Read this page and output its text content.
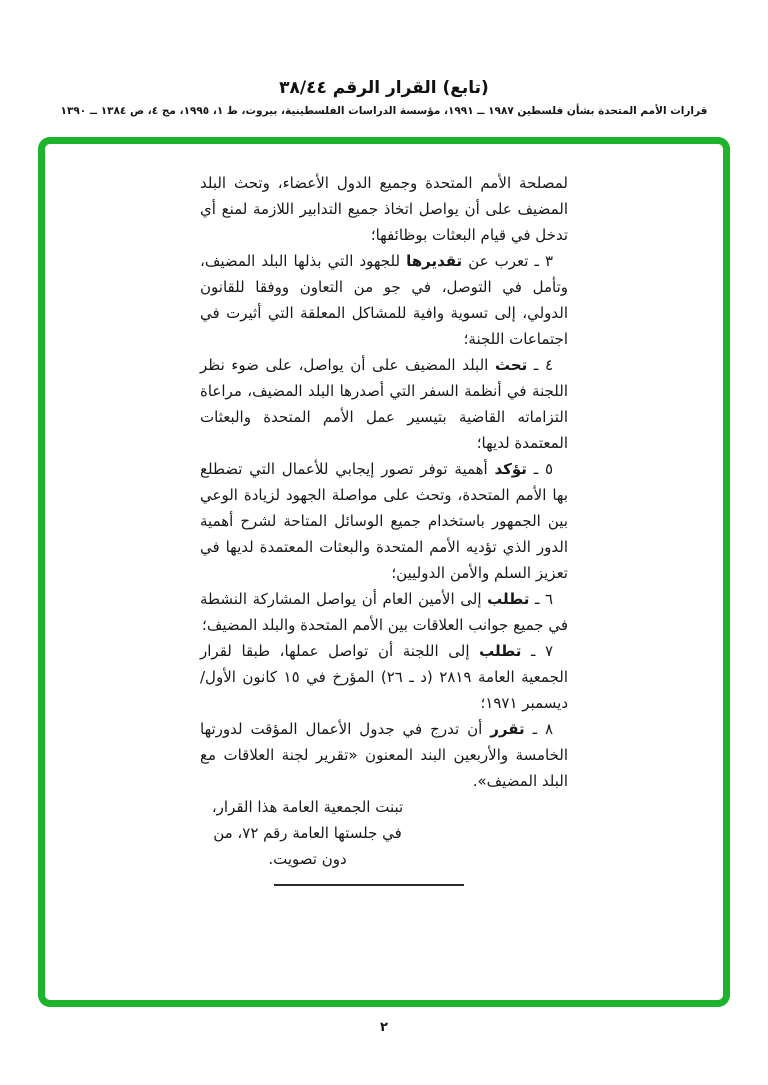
(تابع) القرار الرقم ٣٨/٤٤
قرارات الأمم المتحدة بشأن فلسطين ١٩٨٧ ــ ١٩٩١، مؤسسة الدراسات الفلسطينية، بيروت، ط ١، ١٩٩٥، مج ٤، ص ١٣٨٤ ــ ١٣٩٠

لمصلحة الأمم المتحدة وجميع الدول الأعضاء، وتحث البلد المضيف على أن يواصل اتخاذ جميع التدابير اللازمة لمنع أي تدخل في قيام البعثات بوظائفها؛

٣ ـ تعرب عن تقديرها للجهود التي بذلها البلد المضيف، وتأمل في التوصل، في جو من التعاون ووفقا للقانون الدولي، إلى تسوية وافية للمشاكل المعلقة التي أثيرت في اجتماعات اللجنة؛

٤ ـ تحث البلد المضيف على أن يواصل، على ضوء نظر اللجنة في أنظمة السفر التي أصدرها البلد المضيف، مراعاة التزاماته القاضية بتيسير عمل الأمم المتحدة والبعثات المعتمدة لديها؛

٥ ـ تؤكد أهمية توفر تصور إيجابي للأعمال التي تضطلع بها الأمم المتحدة، وتحث على مواصلة الجهود لزيادة الوعي بين الجمهور باستخدام جميع الوسائل المتاحة لشرح أهمية الدور الذي تؤديه الأمم المتحدة والبعثات المعتمدة لديها في تعزيز السلم والأمن الدوليين؛

٦ ـ تطلب إلى الأمين العام أن يواصل المشاركة النشطة في جميع جوانب العلاقات بين الأمم المتحدة والبلد المضيف؛

٧ ـ تطلب إلى اللجنة أن تواصل عملها، طبقا لقرار الجمعية العامة ٢٨١٩ (د ـ ٢٦) المؤرخ في ١٥ كانون الأول/ديسمبر ١٩٧١؛

٨ ـ تقرر أن تدرج في جدول الأعمال المؤقت لدورتها الخامسة والأربعين البند المعنون «تقرير لجنة العلاقات مع البلد المضيف».

تبنت الجمعية العامة هذا القرار،
في جلستها العامة رقم ٧٢، من
دون تصويت.
٢
